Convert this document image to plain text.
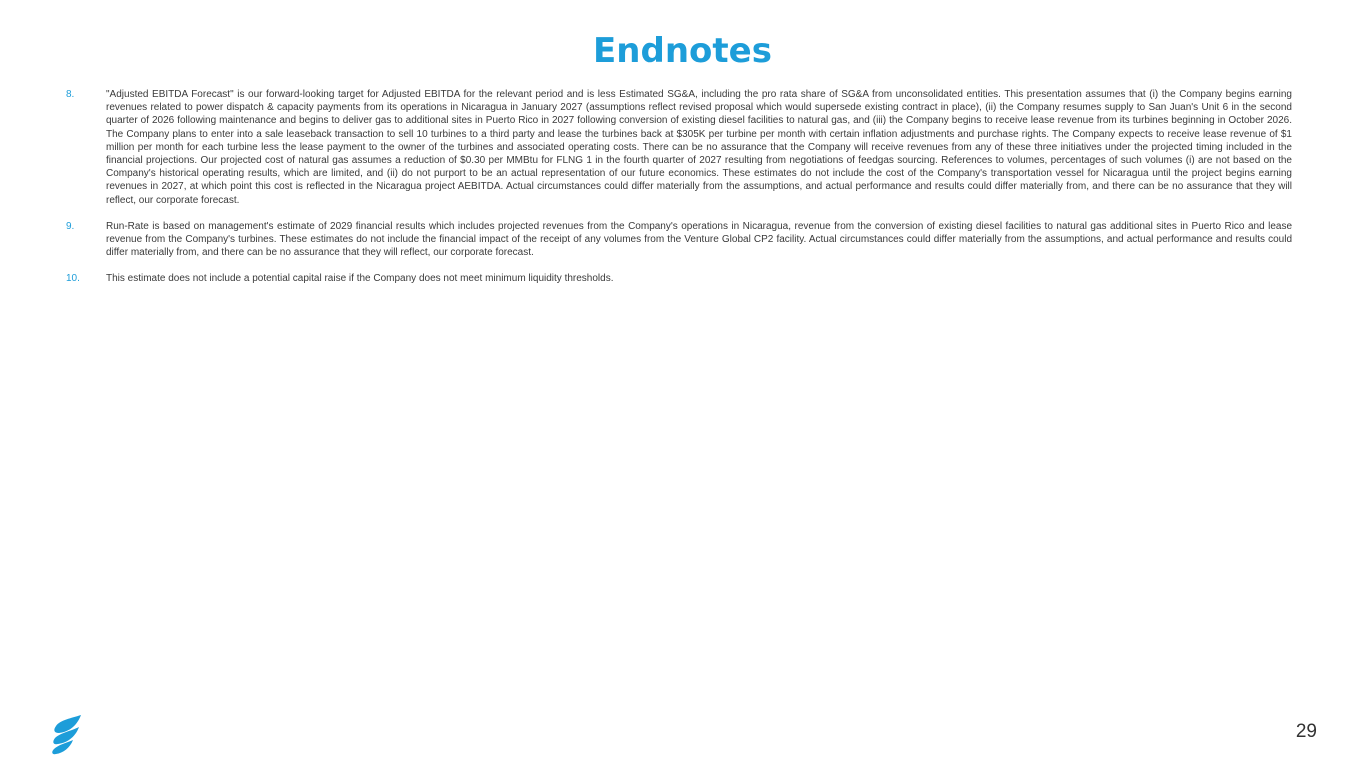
Endnotes
8.	"Adjusted EBITDA Forecast" is our forward-looking target for Adjusted EBITDA for the relevant period and is less Estimated SG&A, including the pro rata share of SG&A from unconsolidated entities. This presentation assumes that (i) the Company begins earning revenues related to power dispatch & capacity payments from its operations in Nicaragua in January 2027 (assumptions reflect revised proposal which would supersede existing contract in place), (ii) the Company resumes supply to San Juan's Unit 6 in the second quarter of 2026 following maintenance and begins to deliver gas to additional sites in Puerto Rico in 2027 following conversion of existing diesel facilities to natural gas, and (iii) the Company begins to receive lease revenue from its turbines beginning in October 2026. The Company plans to enter into a sale leaseback transaction to sell 10 turbines to a third party and lease the turbines back at $305K per turbine per month with certain inflation adjustments and purchase rights. The Company expects to receive lease revenue of $1 million per month for each turbine less the lease payment to the owner of the turbines and associated operating costs. There can be no assurance that the Company will receive revenues from any of these three initiatives under the projected timing included in the financial projections. Our projected cost of natural gas assumes a reduction of $0.30 per MMBtu for FLNG 1 in the fourth quarter of 2027 resulting from negotiations of feedgas sourcing. References to volumes, percentages of such volumes (i) are not based on the Company's historical operating results, which are limited, and (ii) do not purport to be an actual representation of our future economics. These estimates do not include the cost of the Company's transportation vessel for Nicaragua until the project begins earning revenues in 2027, at which point this cost is reflected in the Nicaragua project AEBITDA. Actual circumstances could differ materially from the assumptions, and actual performance and results could differ materially from, and there can be no assurance that they will reflect, our corporate forecast.
9.	Run-Rate is based on management's estimate of 2029 financial results which includes projected revenues from the Company's operations in Nicaragua, revenue from the conversion of existing diesel facilities to natural gas additional sites in Puerto Rico and lease revenue from the Company's turbines. These estimates do not include the financial impact of the receipt of any volumes from the Venture Global CP2 facility. Actual circumstances could differ materially from the assumptions, and actual performance and results could differ materially from, and there can be no assurance that they will reflect, our corporate forecast.
10.	This estimate does not include a potential capital raise if the Company does not meet minimum liquidity thresholds.
29
